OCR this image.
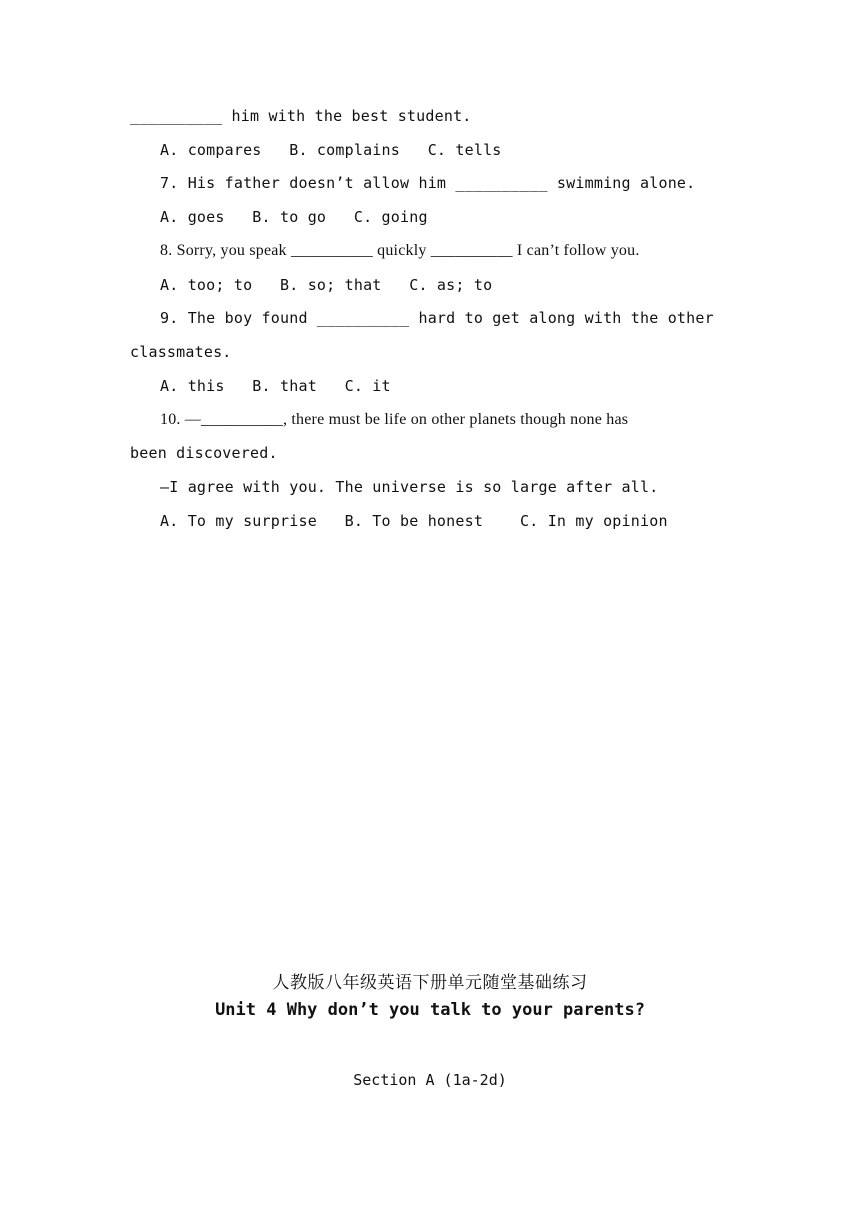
__________ him with the best student.
A. compares   B. complains   C. tells
7. His father doesn’t allow him __________ swimming alone.
A. goes   B. to go   C. going
8. Sorry, you speak __________ quickly __________ I can’t follow you.
A. too; to   B. so; that   C. as; to
9. The boy found __________ hard to get along with the other
classmates.
A. this   B. that   C. it
10. —__________, there must be life on other planets though none has
been discovered.
—I agree with you. The universe is so large after all.
A. To my surprise   B. To be honest    C. In my opinion
人教版八年级英语下册单元随堂基础练习
Unit 4 Why don’t you talk to your parents?
Section A (1a-2d)
